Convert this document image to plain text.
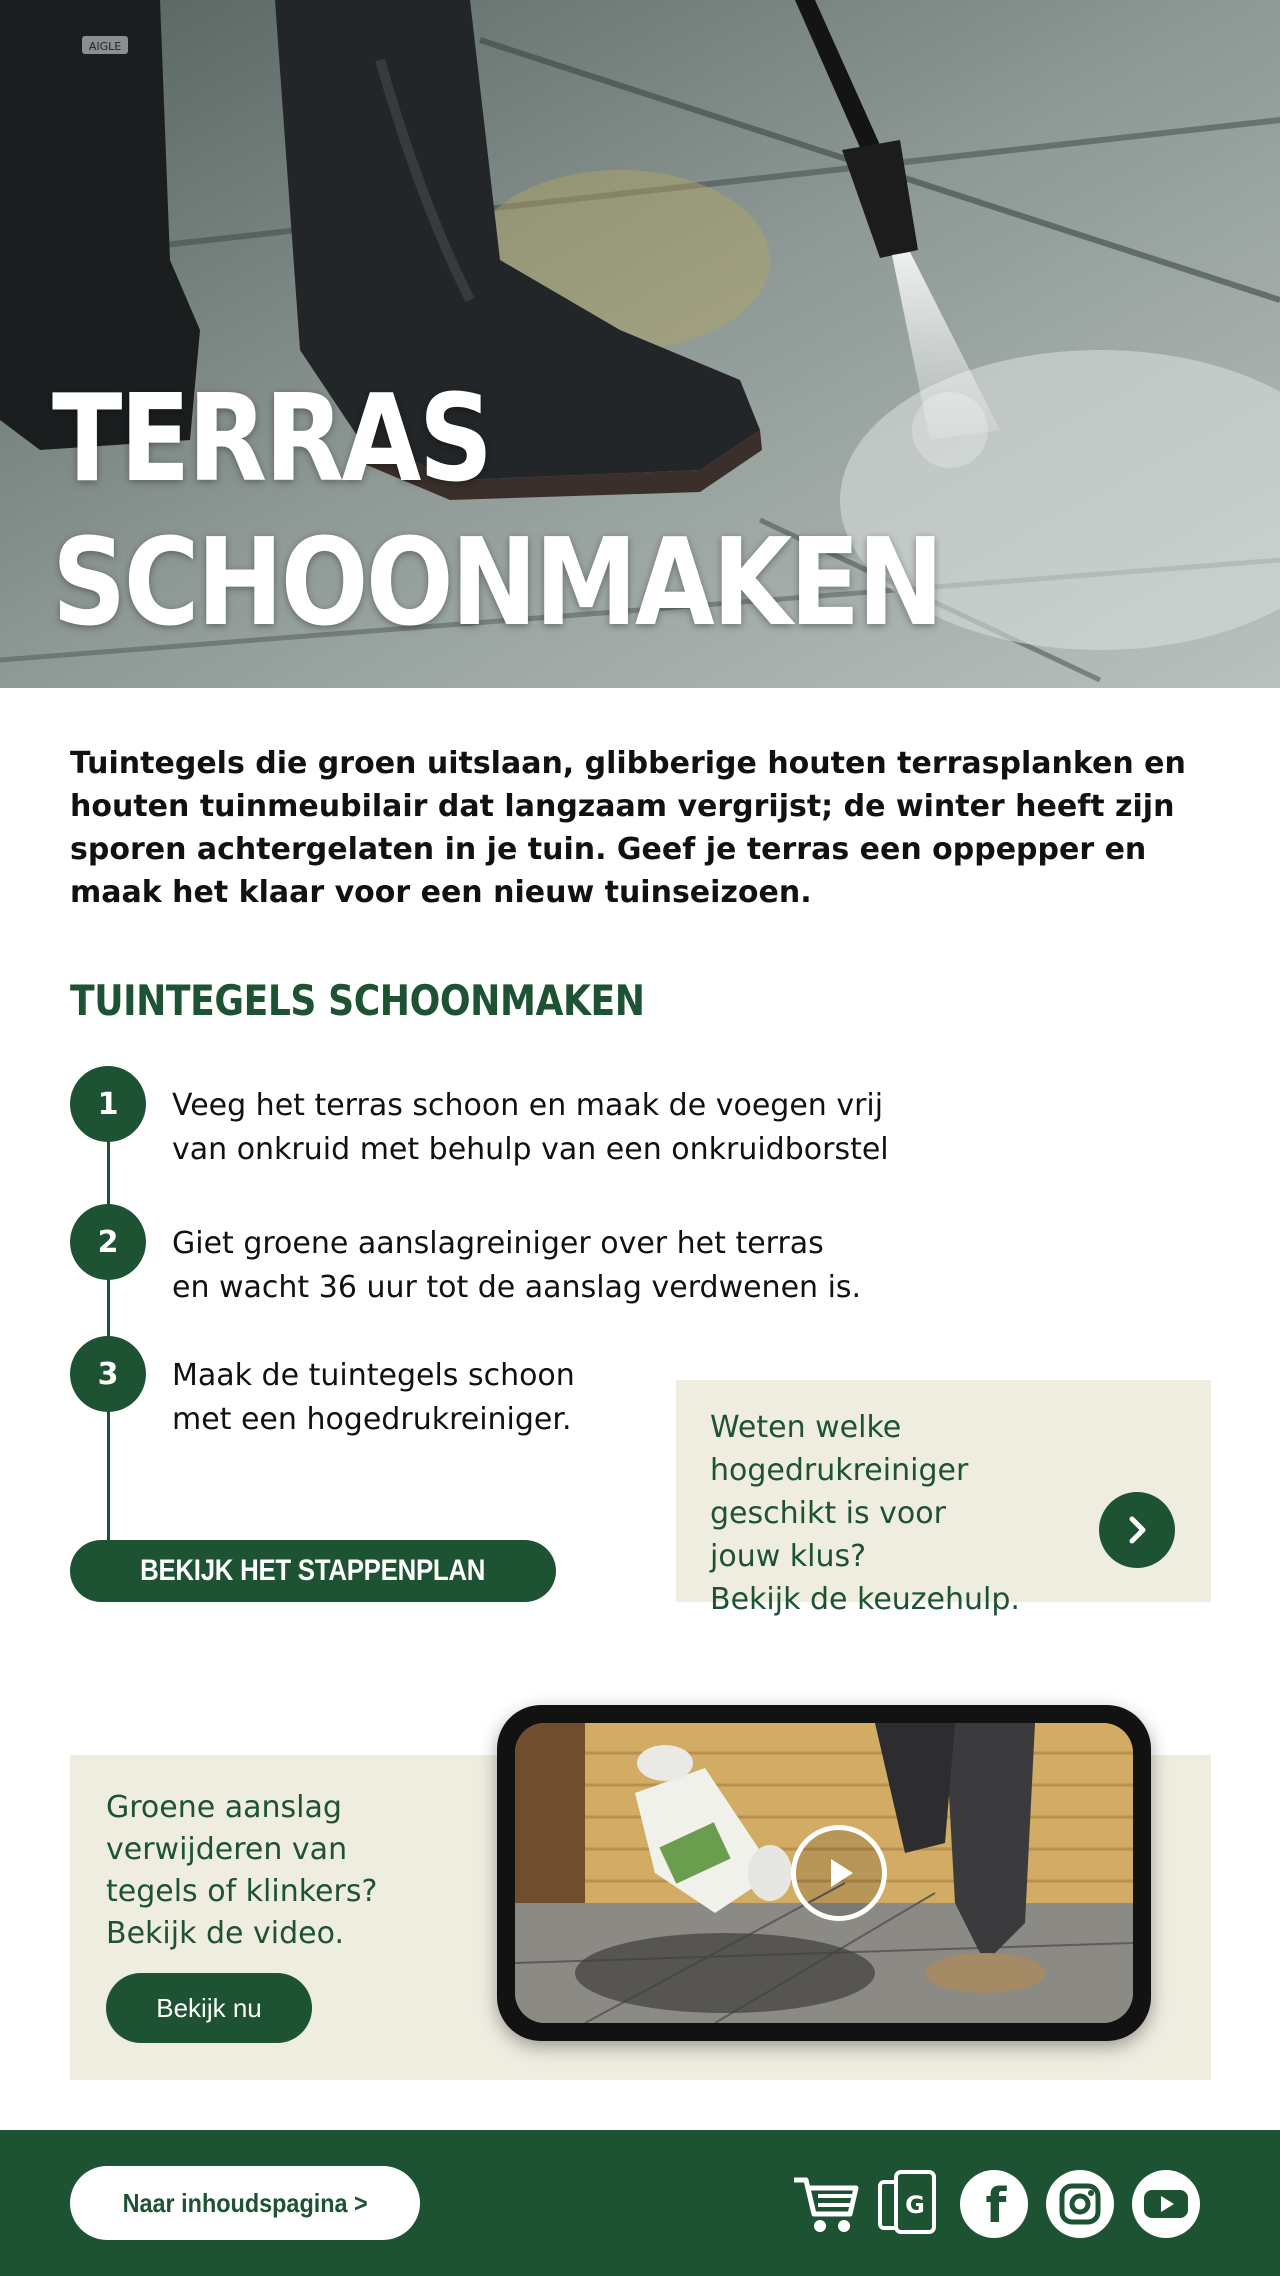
AIGLE
TERRAS
SCHOONMAKEN

Tuintegels die groen uitslaan, glibberige houten terrasplanken en houten tuinmeubilair dat langzaam vergrijst; de winter heeft zijn sporen achtergelaten in je tuin. Geef je terras een oppepper en maak het klaar voor een nieuw tuinseizoen.

TUINTEGELS SCHOONMAKEN
1	Veeg het terras schoon en maak de voegen vrij
van onkruid met behulp van een onkruidborstel
2	Giet groene aanslagreiniger over het terras
en wacht 36 uur tot de aanslag verdwenen is.
3	Maak de tuintegels schoon
met een hogedrukreiniger.
BEKIJK HET STAPPENPLAN
Weten welke hogedrukreiniger
geschikt is voor
jouw klus?
Bekijk de keuzehulp.
Groene aanslag
verwijderen van
tegels of klinkers?
Bekijk de video.
Bekijk nu
Naar inhoudspagina >	G f
